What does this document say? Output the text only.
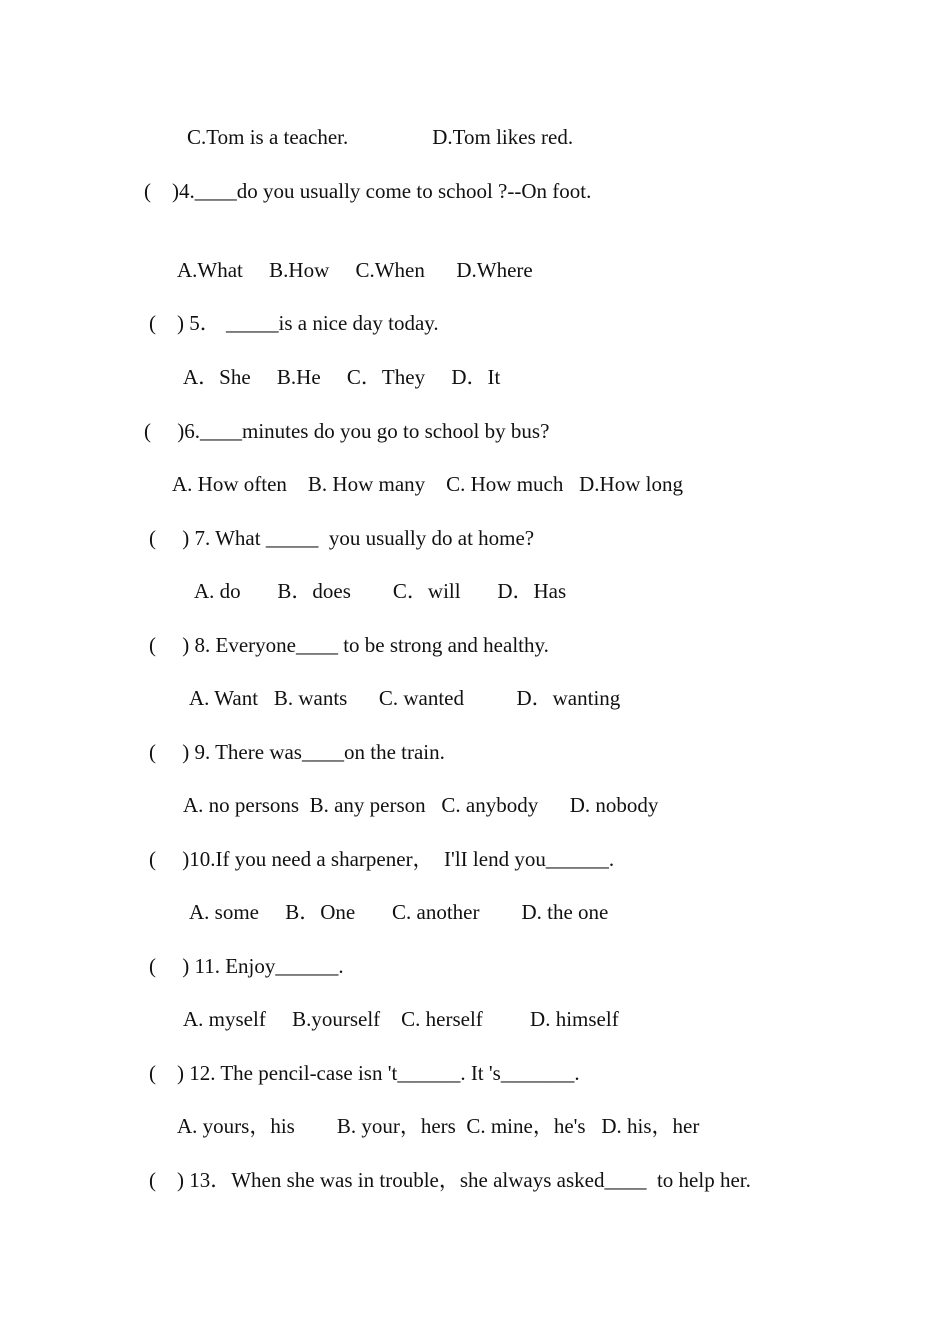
C.Tom is a teacher.                D.Tom likes red.
(    )4.____do you usually come to school ?--On foot.
A.What     B.How     C.When      D.Where
(    ) 5． _____is a nice day today.
A．She     B.He     C．They     D．It
(     )6.____minutes do you go to school by bus?
A. How often    B. How many    C. How much   D.How long
(     ) 7. What _____  you usually do at home?
A. do       B．does        C．will       D．Has
(     ) 8. Everyone____ to be strong and healthy.
A. Want   B. wants      C. wanted          D．wanting
(     ) 9. There was____on the train.
A. no persons  B. any person   C. anybody      D. nobody
(     )10.If you need a sharpener，  I'lI lend you______.
A. some     B．One       C. another        D. the one
(     ) 11. Enjoy______.
A. myself     B.yourself    C. herself         D. himself
(    ) 12. The pencil-case isn 't______. It 's_______.
A. yours，his        B. your，hers  C. mine，he's   D. his，her
(    ) 13．When she was in trouble，she always asked____  to help her.
